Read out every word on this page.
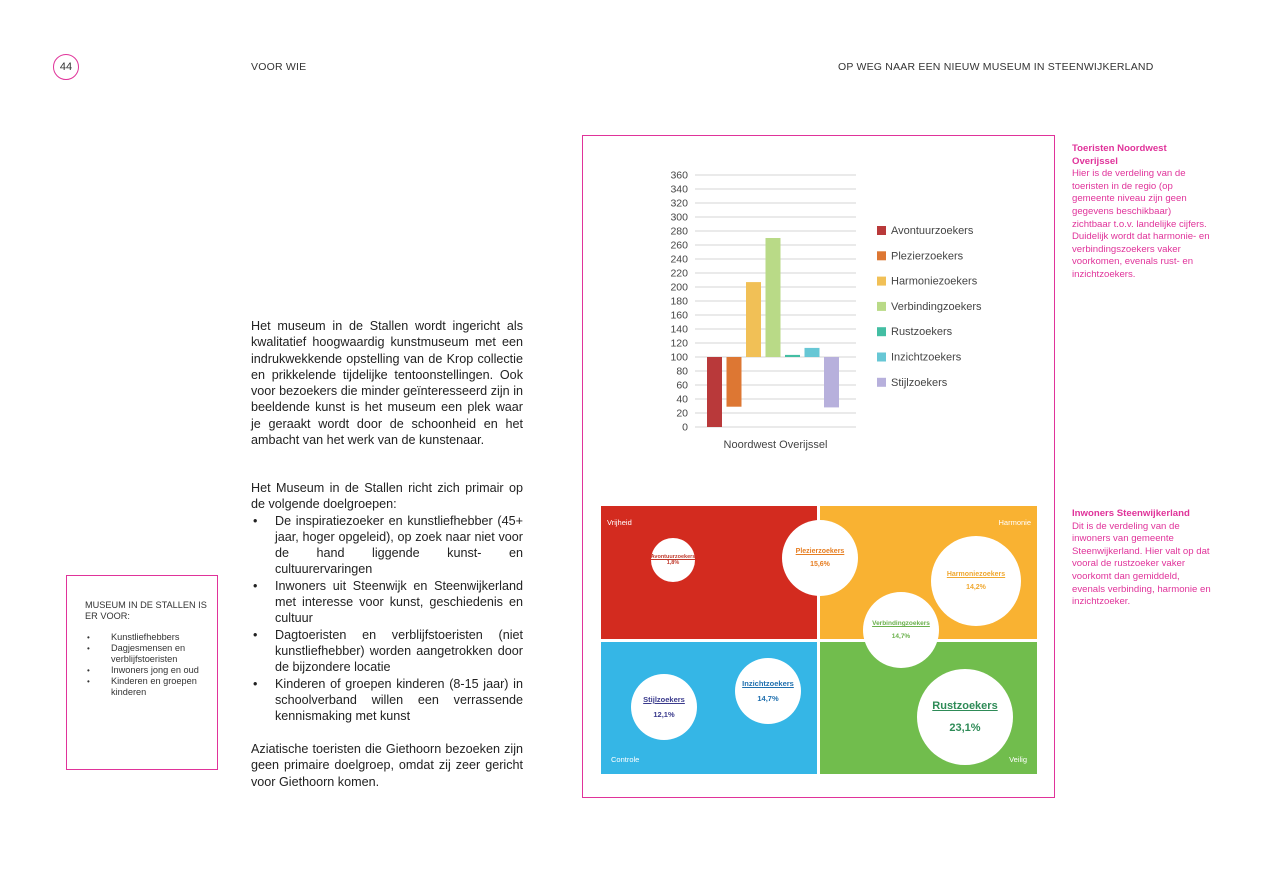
44	VOOR WIE	OP WEG NAAR EEN NIEUW MUSEUM IN STEENWIJKERLAND
Het museum in de Stallen wordt ingericht als kwalitatief hoogwaardig kunstmuseum met een indrukwekkende opstelling van de Krop collectie en prikkelende tijdelijke tentoonstellingen. Ook voor bezoekers die minder geïnteresseerd zijn in beeldende kunst is het museum een plek waar je geraakt wordt door de schoonheid en het ambacht van het werk van de kunstenaar.

Het Museum in de Stallen richt zich primair op de volgende doelgroepen:

• De inspiratiezoeker en kunstliefhebber (45+ jaar, hoger opgeleid), op zoek naar niet voor de hand liggende kunst- en cultuurervaringen
• Inwoners uit Steenwijk en Steenwijkerland met interesse voor kunst, geschiedenis en cultuur
• Dagtoeristen en verblijfstoeristen (niet kunstliefhebber) worden aangetrokken door de bijzondere locatie
• Kinderen of groepen kinderen (8-15 jaar) in schoolverband willen een verrassende kennismaking met kunst
Aziatische toeristen die Giethoorn bezoeken zijn geen primaire doelgroep, omdat zij zeer gericht voor Giethoorn komen.
MUSEUM IN DE STALLEN IS ER VOOR:
• Kunstliefhebbers
• Dagjesmensen en verblijfstoeristen
• Inwoners jong en oud
• Kinderen en groepen kinderen
0
20
40
60
80
100
120
140
160
180
200
220
240
260
280
300
320
340
360
Noordwest Overijssel
Avontuurzoekers
Plezierzoekers
Harmoniezoekers
Verbindingzoekers
Rustzoekers
Inzichtzoekers
Stijlzoekers
Vrijheid	Harmonie
Controle	Veilig
Avontuurzoekers
1,8%
Plezierzoekers
15,6%
Harmoniezoekers
14,2%
Verbindingzoekers
14,7%
Stijlzoekers
12,1%
Inzichtzoekers
14,7%
Rustzoekers
23,1%
Toeristen Noordwest Overijssel
Hier is de verdeling van de toeristen in de regio (op gemeente niveau zijn geen gegevens beschikbaar) zichtbaar t.o.v. landelijke cijfers. Duidelijk wordt dat harmonie- en verbindingszoekers vaker voorkomen, evenals rust- en inzichtzoekers.
Inwoners Steenwijkerland
Dit is de verdeling van de inwoners van gemeente Steenwijkerland. Hier valt op dat vooral de rustzoeker vaker voorkomt dan gemiddeld, evenals verbinding, harmonie en inzichtzoeker.
